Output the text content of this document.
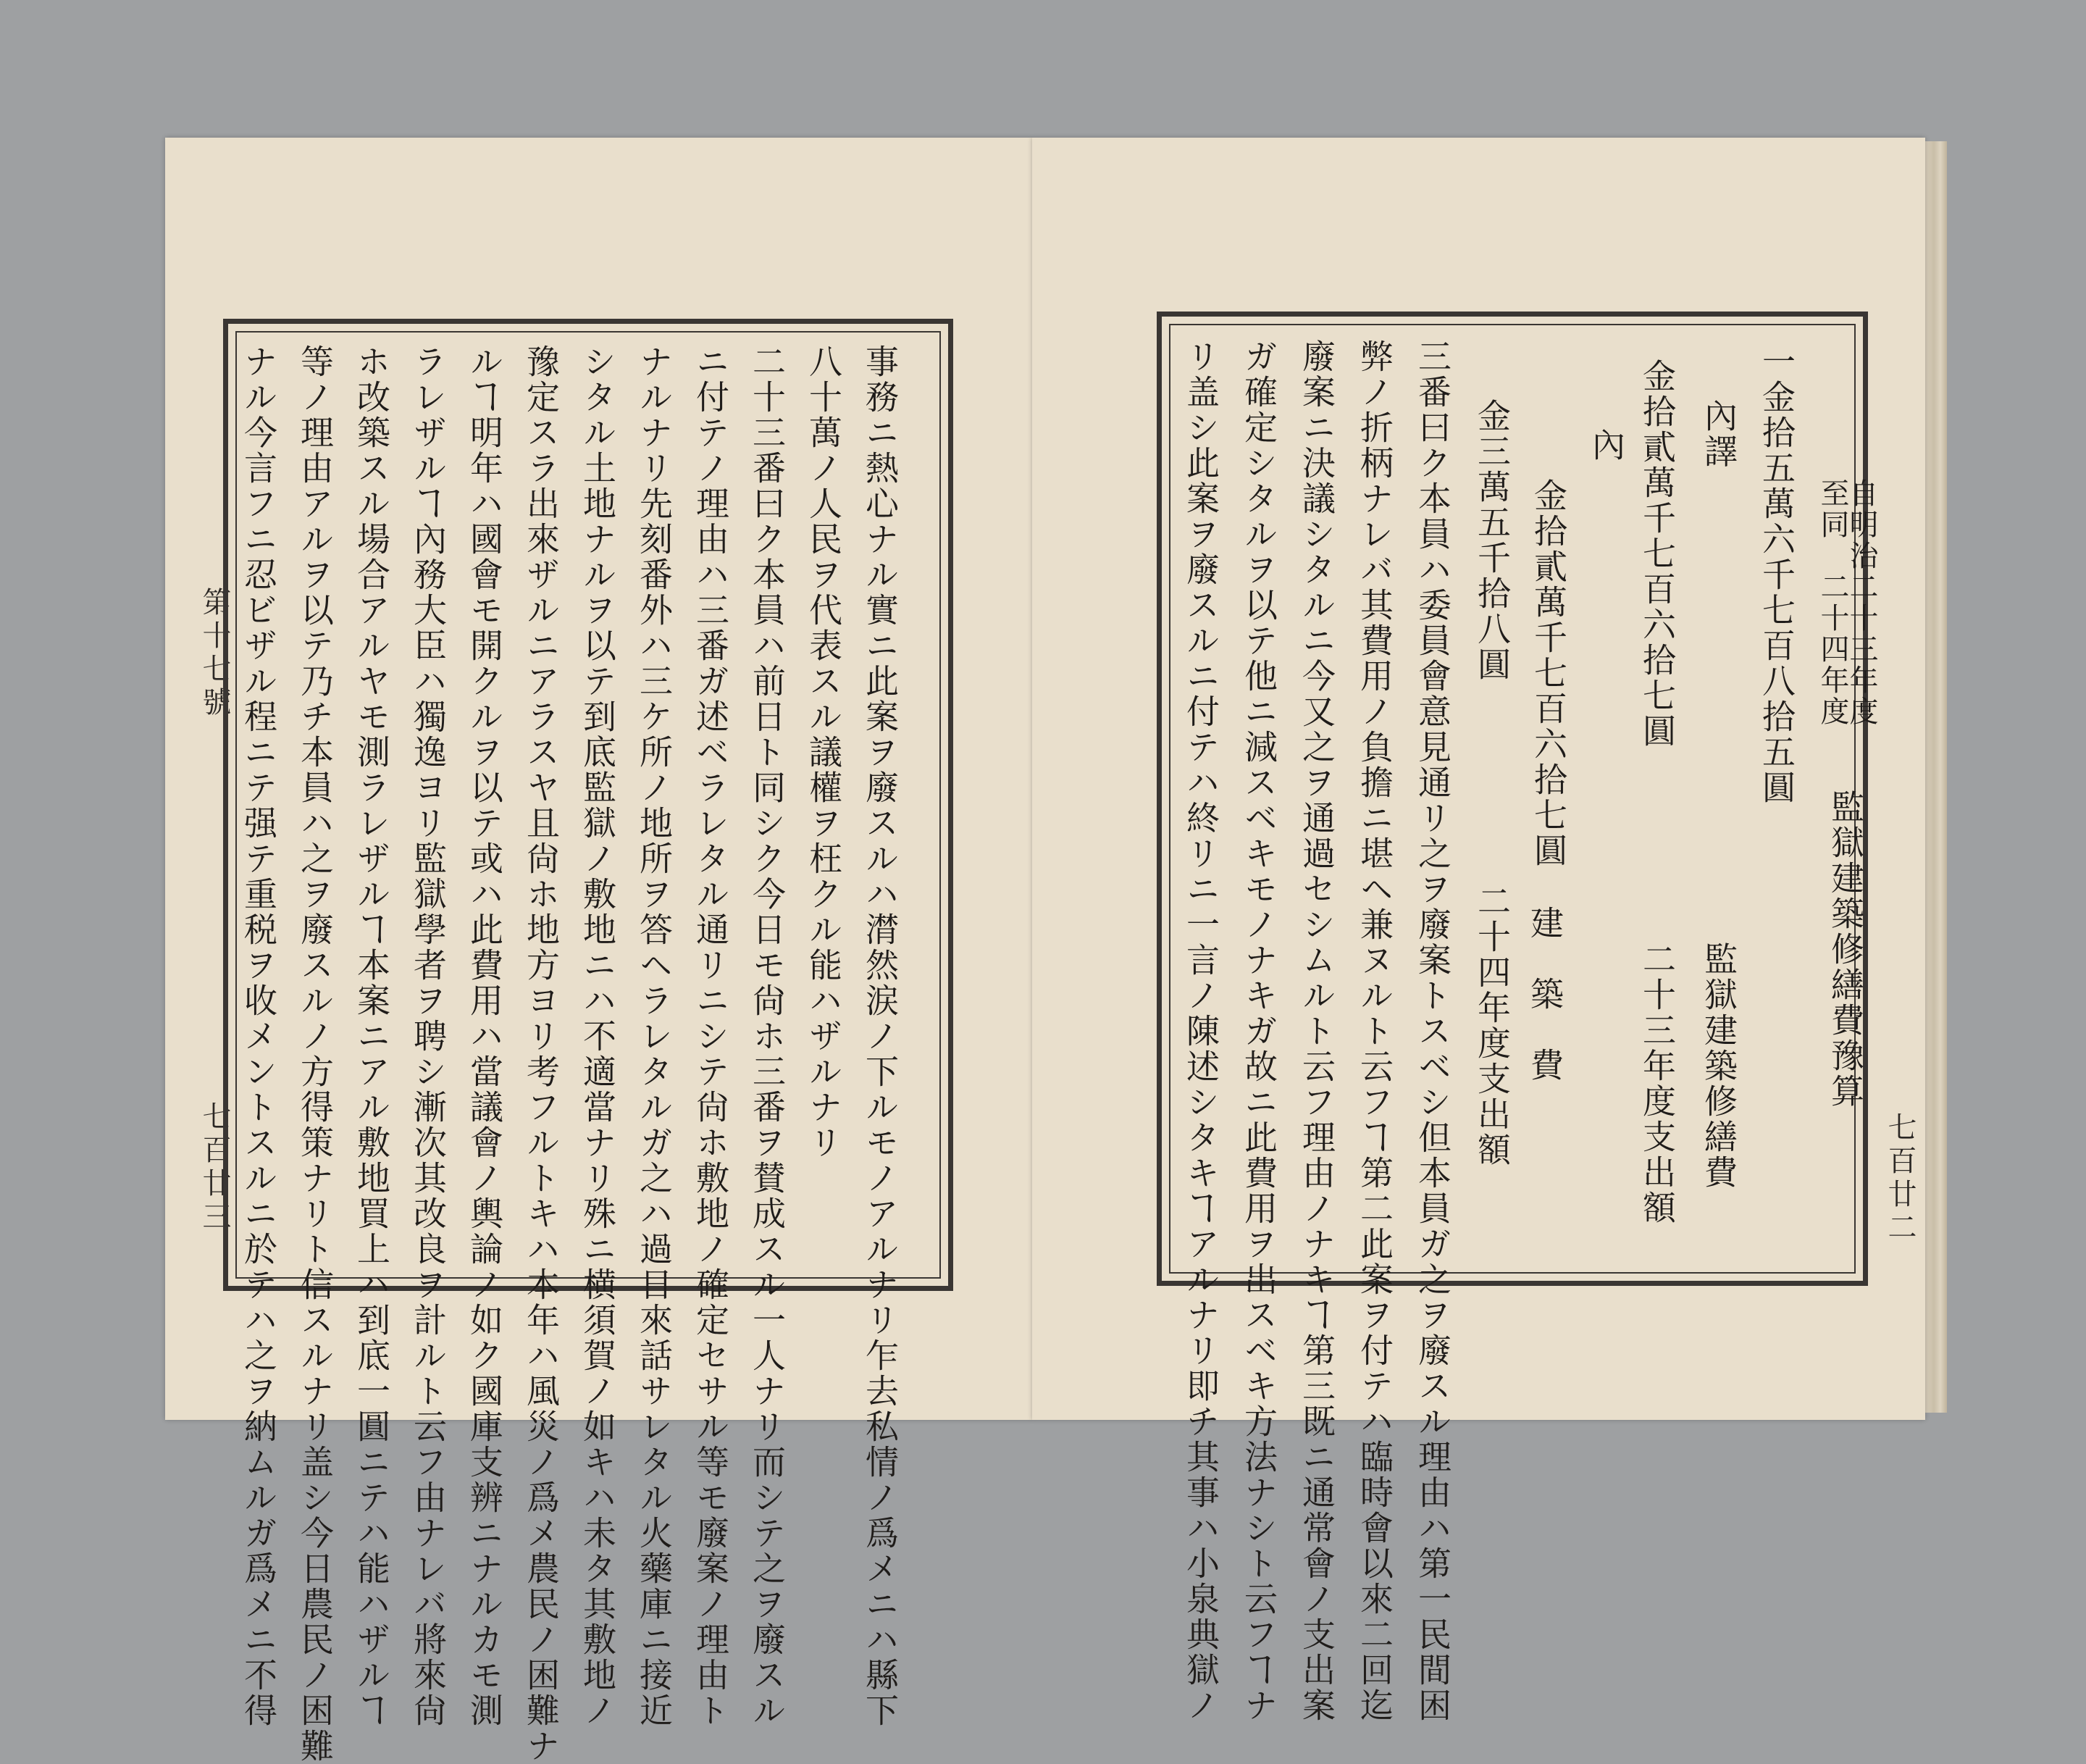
第十七號
七百廿三 ナル今言フニ忍ビザル程ニテ强テ重税ヲ收メントスルニ於テハ之ヲ納ムルガ爲メニ不得 等ノ理由アルヲ以テ乃チ本員ハ之ヲ廢スルノ方得策ナリト信スルナリ盖シ今日農民ノ困難 ホ改築スル場合アルヤモ測ラレザルヿ本案ニアル敷地買上ハ到底一圓ニテハ能ハザルヿ ラレザルヿ內務大臣ハ獨逸ヨリ監獄學者ヲ聘シ漸次其改良ヲ計ルト云フ由ナレバ將來尙 ルヿ明年ハ國會モ開クルヲ以テ或ハ此費用ハ當議會ノ輿論ノ如ク國庫支辨ニナルカモ測 豫定スラ出來ザルニアラスヤ且尙ホ地方ヨリ考フルトキハ本年ハ風災ノ爲メ農民ノ困難ナ シタル土地ナルヲ以テ到底監獄ノ敷地ニハ不適當ナリ殊ニ横須賀ノ如キハ未タ其敷地ノ ナルナリ先刻番外ハ三ケ所ノ地所ヲ答ヘラレタルガ之ハ過日來話サレタル火藥庫ニ接近 ニ付テノ理由ハ三番ガ述ベラレタル通リニシテ尙ホ敷地ノ確定セサル等モ廢案ノ理由ト 二十三番曰ク本員ハ前日ト同シク今日モ尙ホ三番ヲ賛成スル一人ナリ而シテ之ヲ廢スル 八十萬ノ人民ヲ代表スル議權ヲ枉クル能ハザルナリ 事務ニ熱心ナル實ニ此案ヲ廢スルハ潸然涙ノ下ルモノアルナリ乍去私情ノ爲メニハ縣下	七百廿二
リ盖シ此案ヲ廢スルニ付テハ終リニ一言ノ陳述シタキヿアルナリ即チ其事ハ小泉典獄ノ ガ確定シタルヲ以テ他ニ減スベキモノナキガ故ニ此費用ヲ出スベキ方法ナシト云フヿナ 廢案ニ決議シタルニ今又之ヲ通過セシムルト云フ理由ノナキヿ第三既ニ通常會ノ支出案 弊ノ折柄ナレバ其費用ノ負擔ニ堪ヘ兼ヌルト云フヿ第二此案ヲ付テハ臨時會以來二回迄 三番曰ク本員ハ委員會意見通リ之ヲ廢案トスベシ但本員ガ之ヲ廢スル理由ハ第一民間困 金三萬五千拾八圓
二十四年度支出額 建　築　費
金拾貳萬千七百六拾七圓
內 金拾貳萬千七百六拾七圓
二十三年度支出額 監獄建築修繕費
內譯 一金拾五萬六千七百八拾五圓 至同　二十四年度
自明治二十三年度
監獄建築修繕費豫算
